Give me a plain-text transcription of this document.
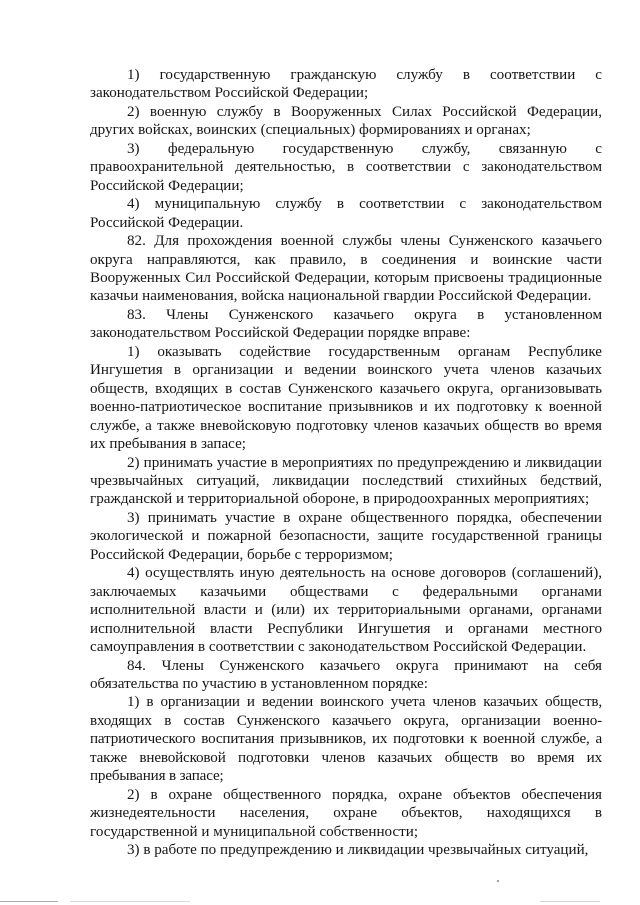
1) государственную гражданскую службу в соответствии с законодательством Российской Федерации;

2) военную службу в Вооруженных Силах Российской Федерации, других войсках, воинских (специальных) формированиях и органах;

3) федеральную государственную службу, связанную с правоохранительной деятельностью, в соответствии с законодательством Российской Федерации;

4) муниципальную службу в соответствии с законодательством Российской Федерации.

82. Для прохождения военной службы члены Сунженского казачьего округа направляются, как правило, в соединения и воинские части Вооруженных Сил Российской Федерации, которым присвоены традиционные казачьи наименования, войска национальной гвардии Российской Федерации.

83. Члены Сунженского казачьего округа в установленном законодательством Российской Федерации порядке вправе:

1) оказывать содействие государственным органам Республике Ингушетия в организации и ведении воинского учета членов казачьих обществ, входящих в состав Сунженского казачьего округа, организовывать военно-патриотическое воспитание призывников и их подготовку к военной службе, а также вневойсковую подготовку членов казачьих обществ во время их пребывания в запасе;

2) принимать участие в мероприятиях по предупреждению и ликвидации чрезвычайных ситуаций, ликвидации последствий стихийных бедствий, гражданской и территориальной обороне, в природоохранных мероприятиях;

3) принимать участие в охране общественного порядка, обеспечении экологической и пожарной безопасности, защите государственной границы Российской Федерации, борьбе с терроризмом;

4) осуществлять иную деятельность на основе договоров (соглашений), заключаемых казачьими обществами с федеральными органами исполнительной власти и (или) их территориальными органами, органами исполнительной власти Республики Ингушетия и органами местного самоуправления в соответствии с законодательством Российской Федерации.

84. Члены Сунженского казачьего округа принимают на себя обязательства по участию в установленном порядке:

1) в организации и ведении воинского учета членов казачьих обществ, входящих в состав Сунженского казачьего округа, организации военно-патриотического воспитания призывников, их подготовки к военной службе, а также вневойсковой подготовки членов казачьих обществ во время их пребывания в запасе;

2) в охране общественного порядка, охране объектов обеспечения жизнедеятельности населения, охране объектов, находящихся в государственной и муниципальной собственности;

3) в работе по предупреждению и ликвидации чрезвычайных ситуаций,
